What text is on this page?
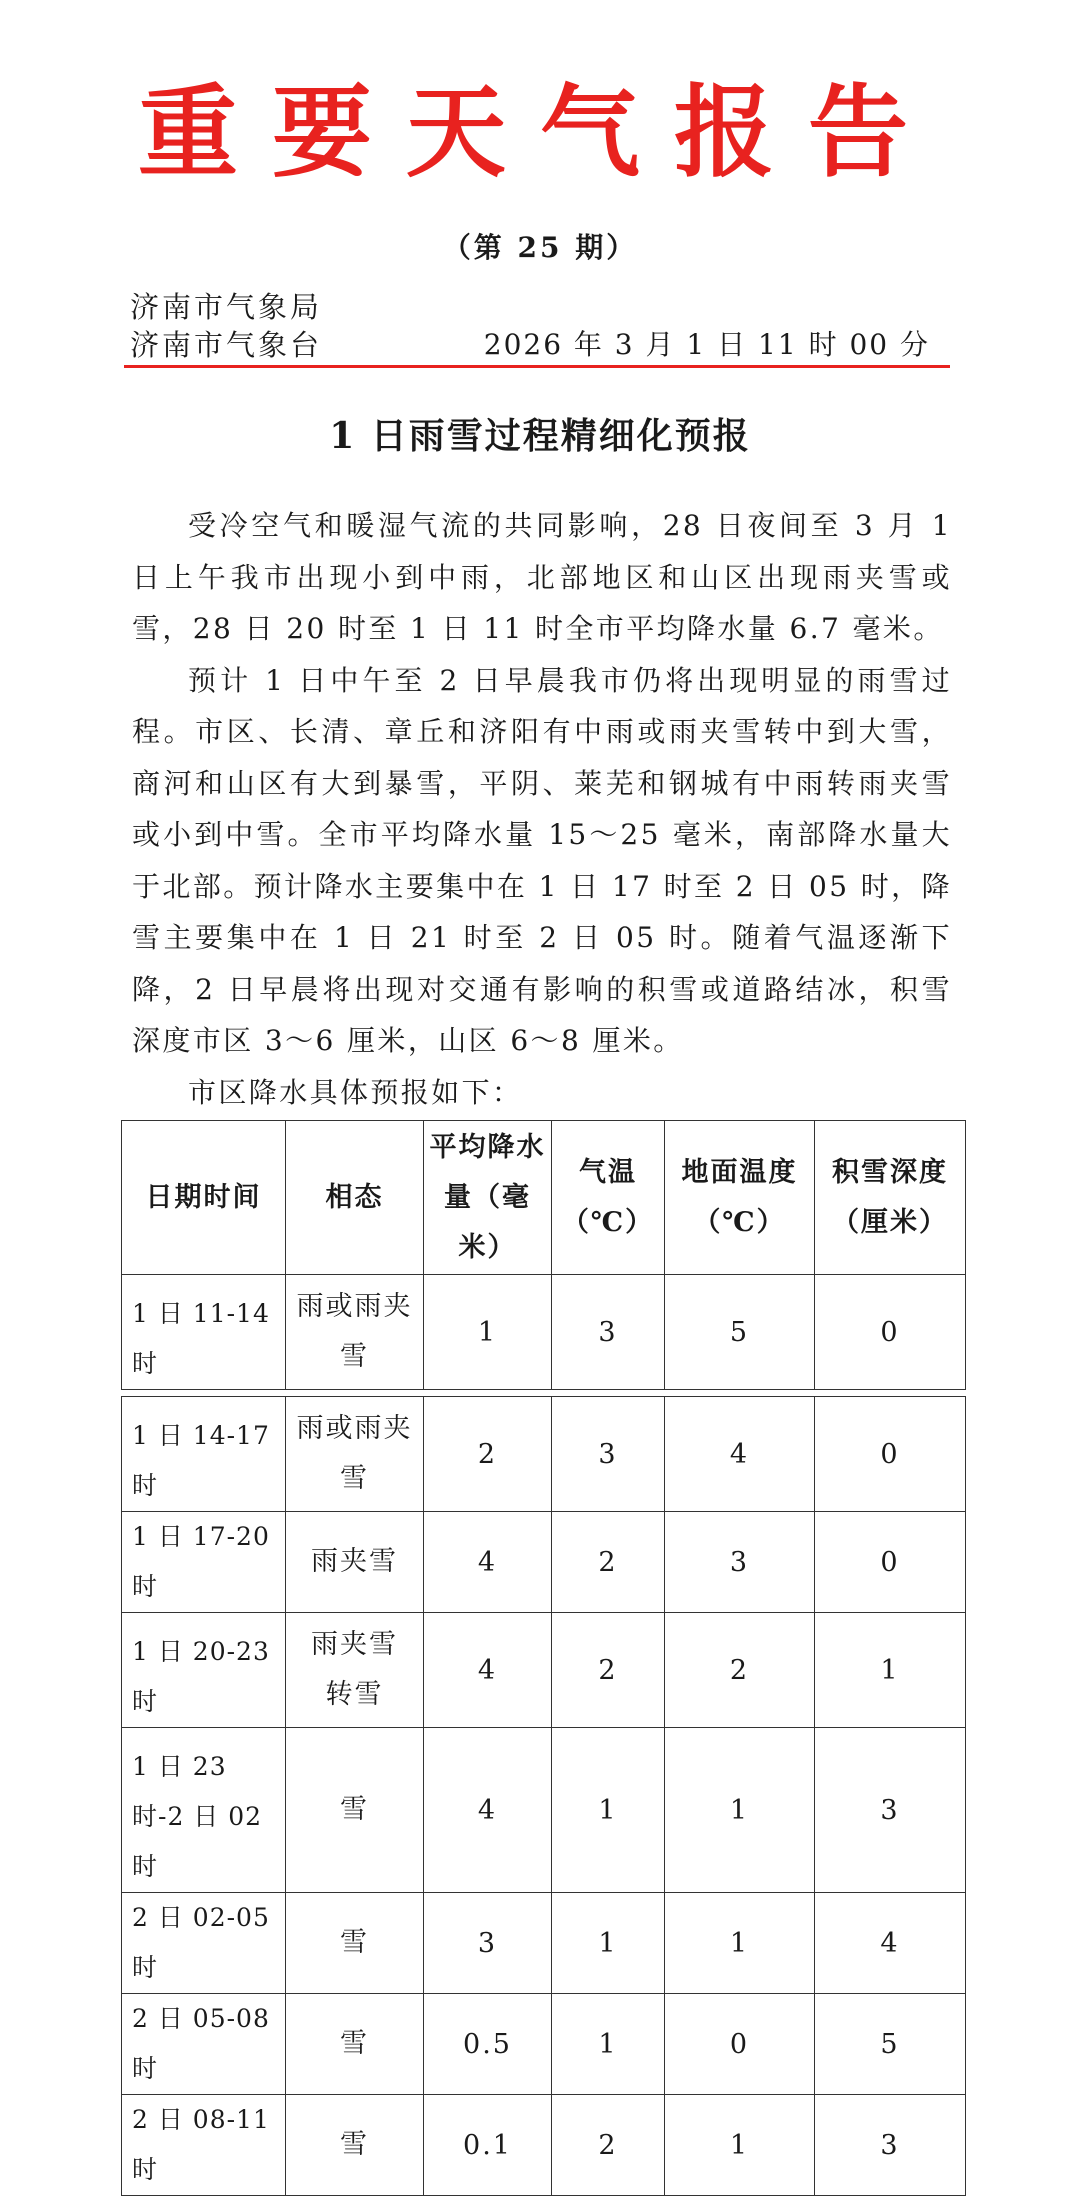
重要天气报告
（第 25 期）
济南市气象局
济南市气象台	2026 年 3 月 1 日 11 时 00 分
1 日雨雪过程精细化预报

受冷空气和暖湿气流的共同影响，28 日夜间至 3 月 1 日上午我市出现小到中雨，北部地区和山区出现雨夹雪或雪，28 日 20 时至 1 日 11 时全市平均降水量 6.7 毫米。

预计 1 日中午至 2 日早晨我市仍将出现明显的雨雪过程。市区、长清、章丘和济阳有中雨或雨夹雪转中到大雪，商河和山区有大到暴雪，平阴、莱芜和钢城有中雨转雨夹雪或小到中雪。全市平均降水量 15～25 毫米，南部降水量大于北部。预计降水主要集中在 1 日 17 时至 2 日 05 时，降雪主要集中在 1 日 21 时至 2 日 05 时。随着气温逐渐下降，2 日早晨将出现对交通有影响的积雪或道路结冰，积雪深度市区 3～6 厘米，山区 6～8 厘米。

市区降水具体预报如下：

日期时间	相态	平均降水量（毫米）	气温（℃）	地面温度（℃）	积雪深度（厘米）
1 日 11-14 时	雨或雨夹雪	1	3	5	0
1 日 14-17 时	雨或雨夹雪	2	3	4	0
1 日 17-20 时	雨夹雪	4	2	3	0
1 日 20-23 时	雨夹雪转雪	4	2	2	1
1 日 23 时-2 日 02 时	雪	4	1	1	3
2 日 02-05 时	雪	3	1	1	4
2 日 05-08 时	雪	0.5	1	0	5
2 日 08-11 时	雪	0.1	2	1	3
